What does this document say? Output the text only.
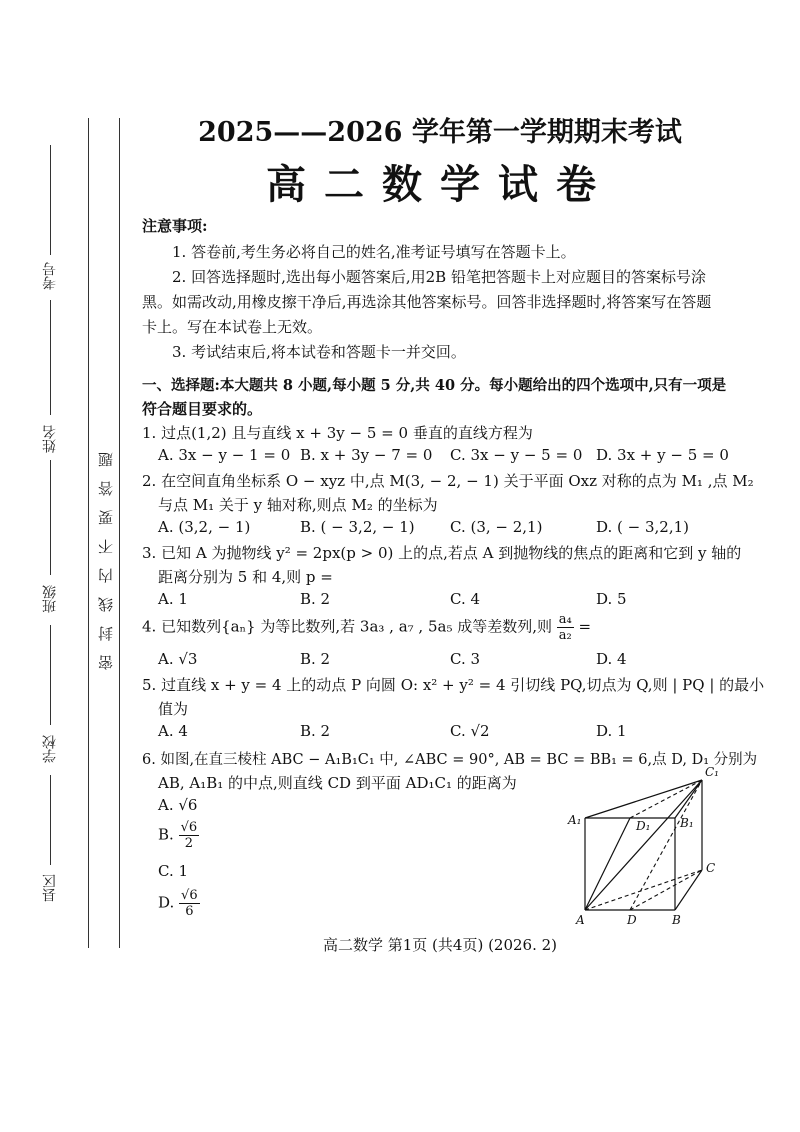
考号
姓名
班级
学校
县区
密封线内不要答题
2025——2026 学年第一学期期末考试
高二数学试卷
注意事项:
1. 答卷前,考生务必将自己的姓名,准考证号填写在答题卡上。
2. 回答选择题时,选出每小题答案后,用2B 铅笔把答题卡上对应题目的答案标号涂
黑。如需改动,用橡皮擦干净后,再选涂其他答案标号。回答非选择题时,将答案写在答题
卡上。写在本试卷上无效。
3. 考试结束后,将本试卷和答题卡一并交回。
一、选择题:本大题共 8 小题,每小题 5 分,共 40 分。每小题给出的四个选项中,只有一项是
符合题目要求的。
1. 过点(1,2) 且与直线 x + 3y − 5 = 0 垂直的直线方程为
A. 3x − y − 1 = 0 B. x + 3y − 7 = 0 C. 3x − y − 5 = 0 D. 3x + y − 5 = 0
2. 在空间直角坐标系 O − xyz 中,点 M(3, − 2, − 1) 关于平面 Oxz 对称的点为 M₁ ,点 M₂
与点 M₁ 关于 y 轴对称,则点 M₂ 的坐标为
A. (3,2, − 1)	B. ( − 3,2, − 1) C. (3, − 2,1)	D. ( − 3,2,1)
3. 已知 A 为抛物线 y² = 2px(p > 0) 上的点,若点 A 到抛物线的焦点的距离和它到 y 轴的
距离分别为 5 和 4,则 p =
A. 1	B. 2	C. 4	D. 5
4. 已知数列{aₙ} 为等比数列,若 3a₃ , a₇ , 5a₅ 成等差数列,则 $\frac{\text{a₄}}{\text{a₂}}$ =
A. √3	B. 2	C. 3	D. 4
5. 过直线 x + y = 4 上的动点 P 向圆 O: x² + y² = 4 引切线 PQ,切点为 Q,则 | PQ | 的最小
值为
A. 4	B. 2	C. √2	D. 1
6. 如图,在直三棱柱 ABC − A₁B₁C₁ 中, ∠ABC = 90°, AB = BC = BB₁ = 6,点 D, D₁ 分别为
AB, A₁B₁ 的中点,则直线 CD 到平面 AD₁C₁ 的距离为
A. √6
B. $\frac{√6}{2}$
C. 1
D. $\frac{√6}{6}$
C₁
A₁	D₁ B₁
C
A	D	B
高二数学 第1页 (共4页) (2026. 2)
